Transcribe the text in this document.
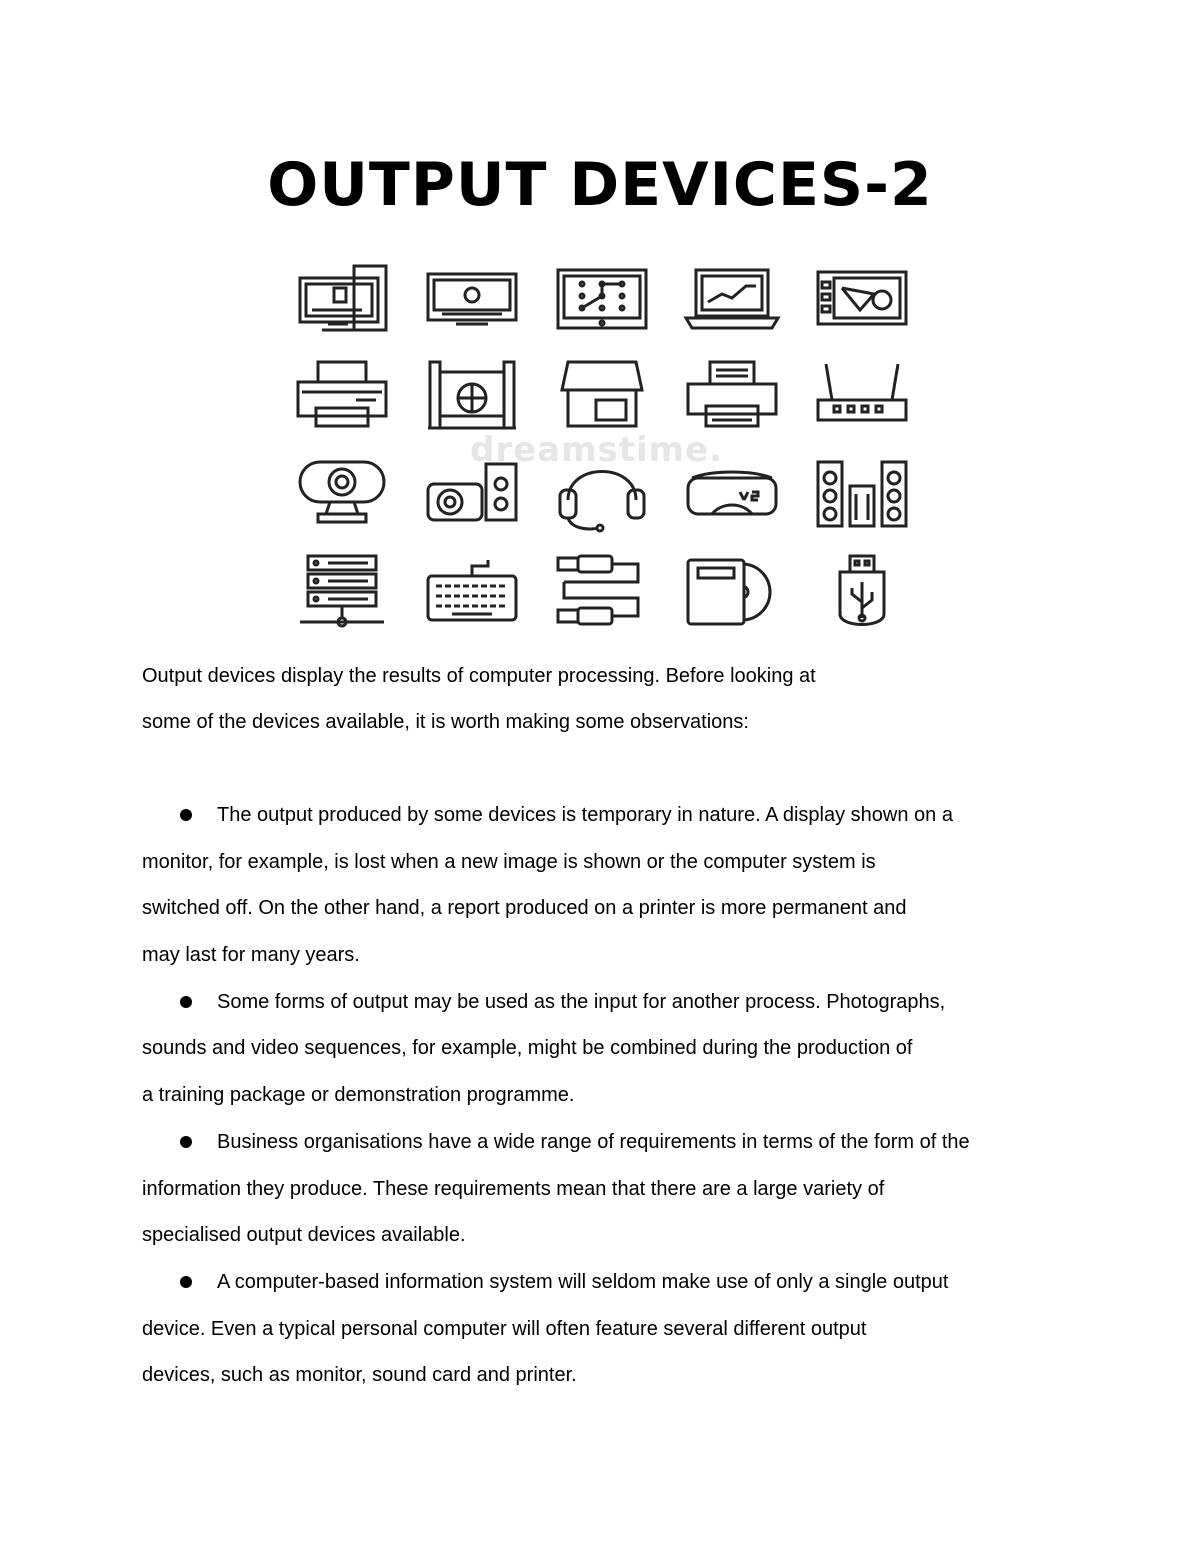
OUTPUT DEVICES-2
dreamstime.
Output devices display the results of computer processing. Before looking at
some of the devices available, it is worth making some observations:
The output produced by some devices is temporary in nature. A display shown on a
monitor, for example, is lost when a new image is shown or the computer system is
switched off. On the other hand, a report produced on a printer is more permanent and
may last for many years.
Some forms of output may be used as the input for another process. Photographs,
sounds and video sequences, for example, might be combined during the production of
a training package or demonstration programme.
Business organisations have a wide range of requirements in terms of the form of the
information they produce. These requirements mean that there are a large variety of
specialised output devices available.
A computer-based information system will seldom make use of only a single output
device. Even a typical personal computer will often feature several different output
devices, such as monitor, sound card and printer.
